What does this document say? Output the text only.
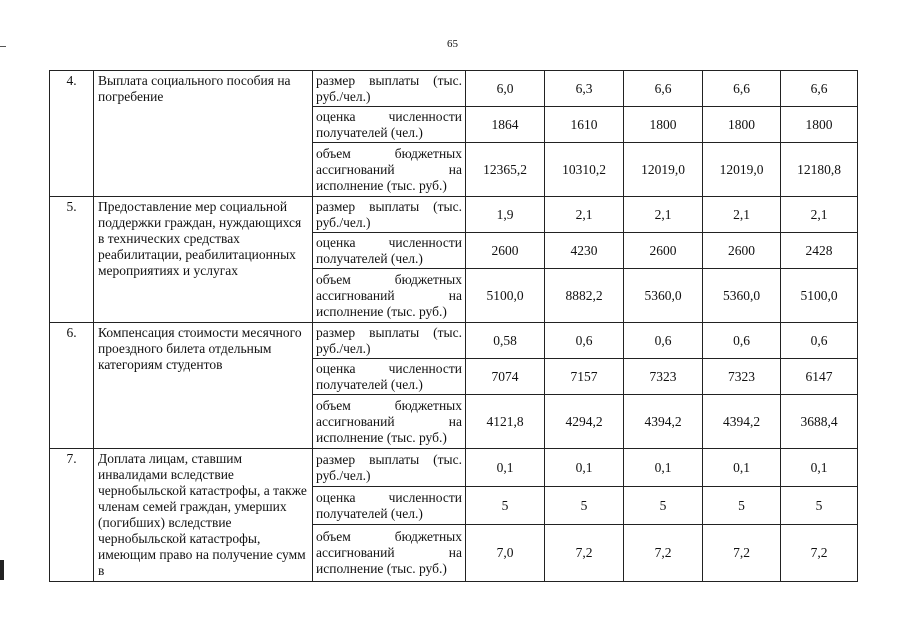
65
4.	Выплата социального пособия на погребение	размер выплаты (тыс. руб./чел.)	6,0	6,3	6,6	6,6	6,6
		оценка численности получателей (чел.)	1864	1610	1800	1800	1800
		объем бюджетных ассигнований на исполнение (тыс. руб.)	12365,2	10310,2	12019,0	12019,0	12180,8
5.	Предоставление мер социальной поддержки граждан, нуждающихся в технических средствах реабилитации, реабилитационных мероприятиях и услугах	размер выплаты (тыс. руб./чел.)	1,9	2,1	2,1	2,1	2,1
		оценка численности получателей (чел.)	2600	4230	2600	2600	2428
		объем бюджетных ассигнований на исполнение (тыс. руб.)	5100,0	8882,2	5360,0	5360,0	5100,0
6.	Компенсация стоимости месячного проездного билета отдельным категориям студентов	размер выплаты (тыс. руб./чел.)	0,58	0,6	0,6	0,6	0,6
		оценка численности получателей (чел.)	7074	7157	7323	7323	6147
		объем бюджетных ассигнований на исполнение (тыс. руб.)	4121,8	4294,2	4394,2	4394,2	3688,4
7.	Доплата лицам, ставшим инвалидами вследствие чернобыльской катастрофы, а также членам семей граждан, умерших (погибших) вследствие чернобыльской катастрофы, имеющим право на получение сумм в	размер выплаты (тыс. руб./чел.)	0,1	0,1	0,1	0,1	0,1
		оценка численности получателей (чел.)	5	5	5	5	5
		объем бюджетных ассигнований на исполнение (тыс. руб.)	7,0	7,2	7,2	7,2	7,2
